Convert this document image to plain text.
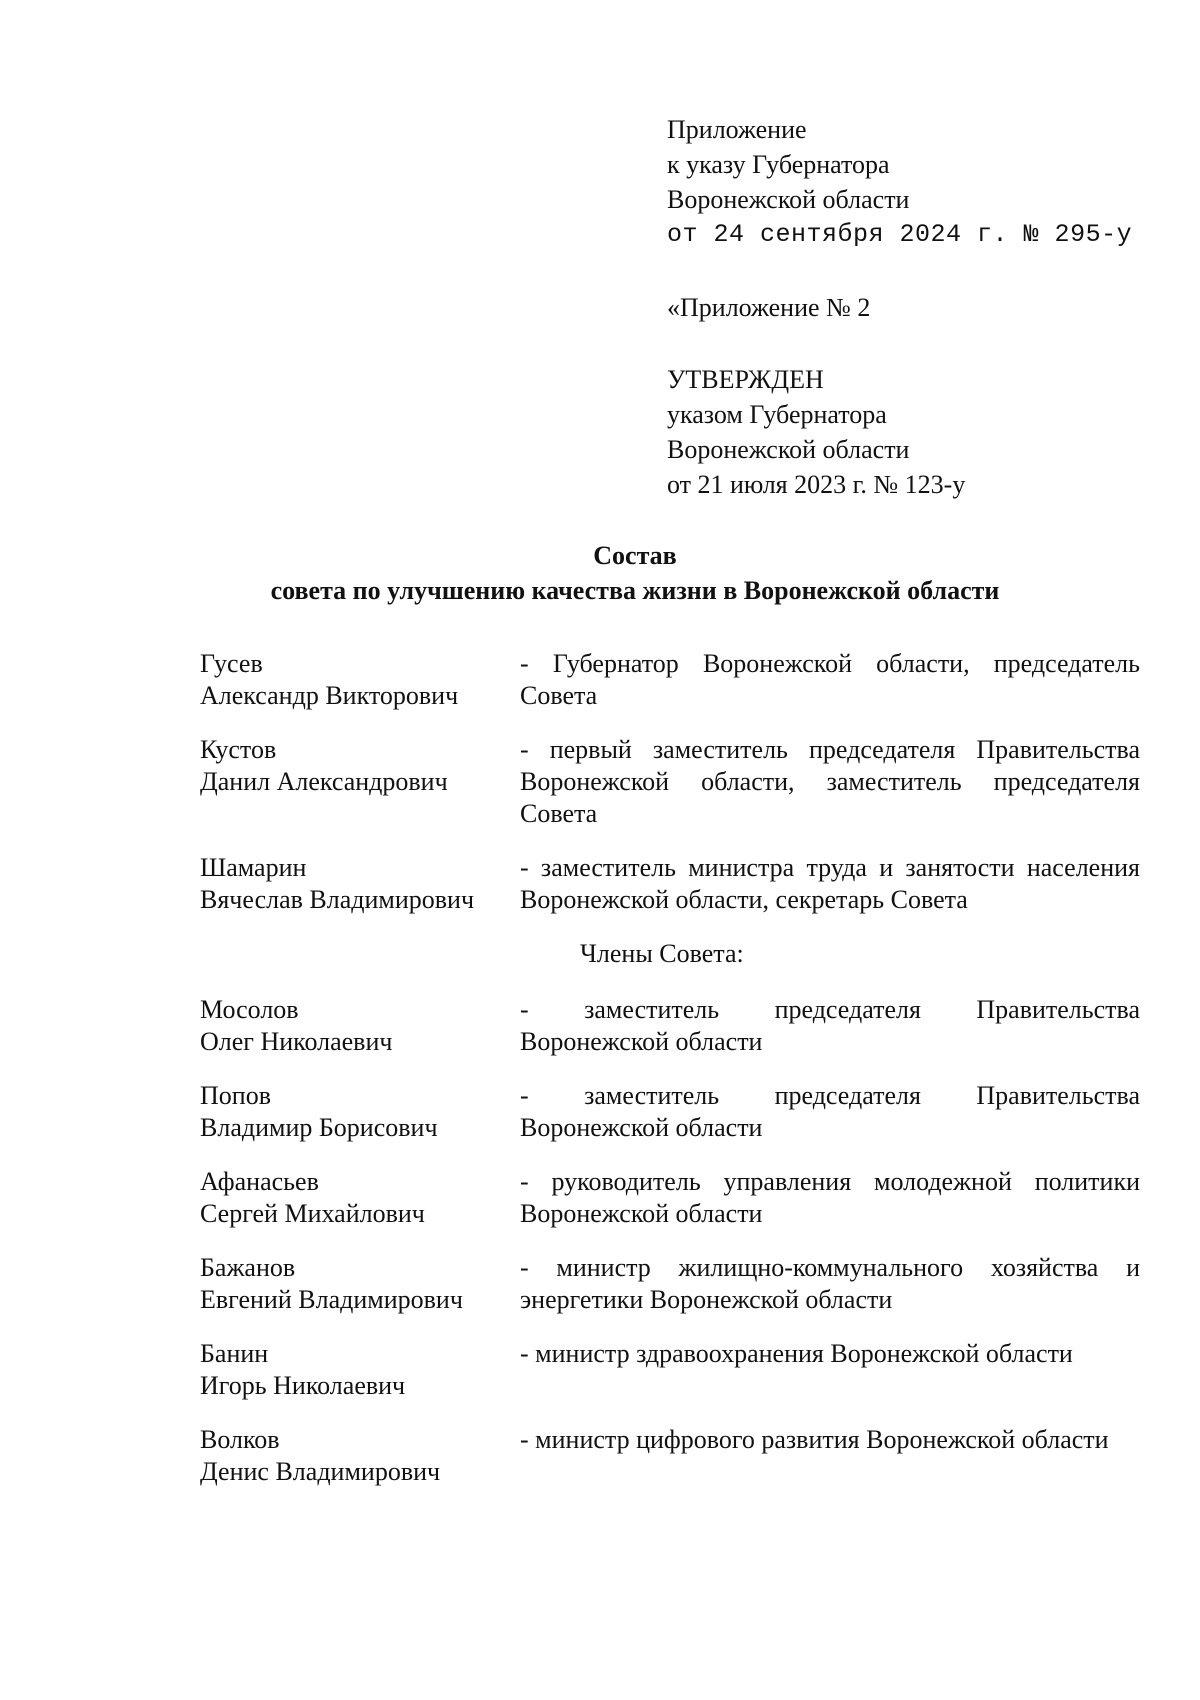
Приложение
к указу Губернатора
Воронежской области
от 24 сентября 2024 г. № 295-у
«Приложение № 2
УТВЕРЖДЕН
указом Губернатора
Воронежской области
от 21 июля 2023 г. № 123-у
Состав
совета по улучшению качества жизни в Воронежской области
Гусев
Александр Викторович
- Губернатор Воронежской области, председатель Совета
Кустов
Данил Александрович
- первый заместитель председателя Правительства Воронежской области, заместитель председателя Совета
Шамарин
Вячеслав Владимирович
- заместитель министра труда и занятости населения Воронежской области, секретарь Совета
Члены Совета:
Мосолов
Олег Николаевич
- заместитель председателя Правительства Воронежской области
Попов
Владимир Борисович
- заместитель председателя Правительства Воронежской области
Афанасьев
Сергей Михайлович
- руководитель управления молодежной политики Воронежской области
Бажанов
Евгений Владимирович
- министр жилищно-коммунального хозяйства и энергетики Воронежской области
Банин
Игорь Николаевич
- министр здравоохранения Воронежской области
Волков
Денис Владимирович
- министр цифрового развития Воронежской области
